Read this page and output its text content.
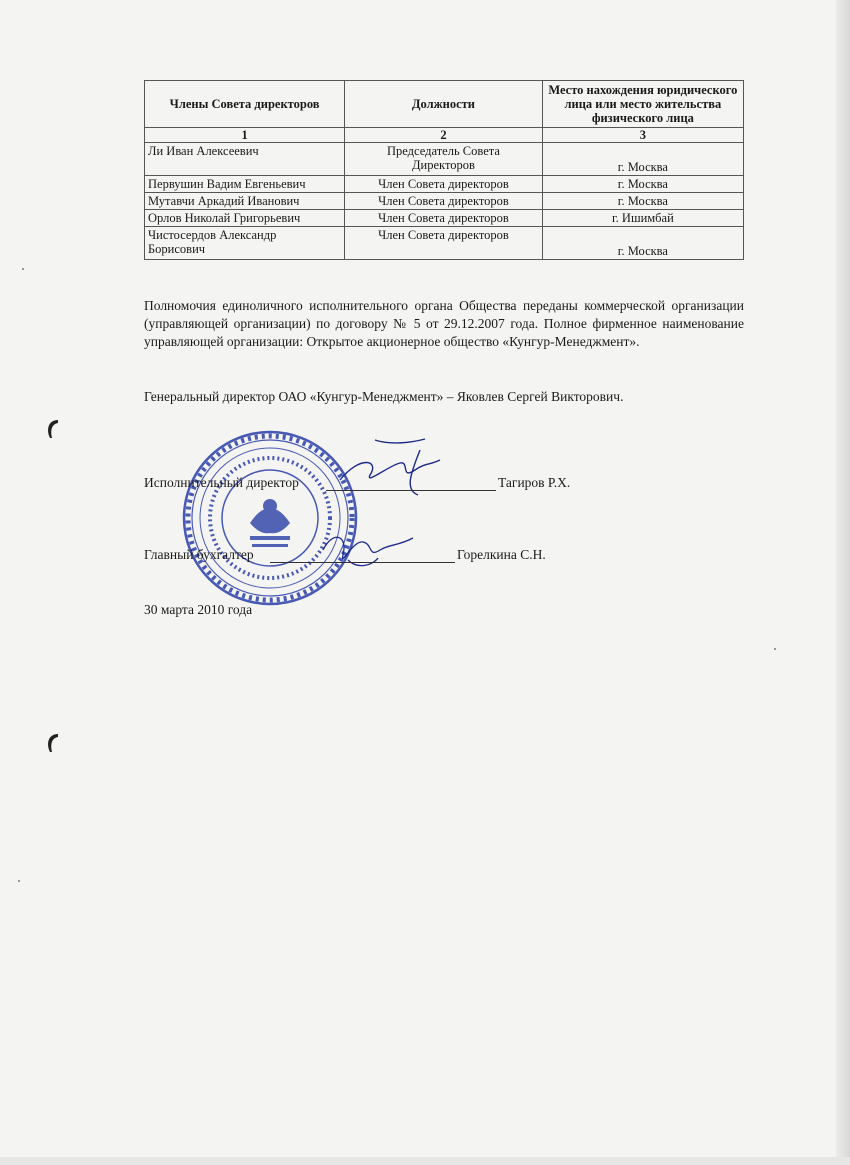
Члены Совета директоров	Должности	Место нахождения юридического лица или место жительства физического лица
1	2	3
Ли Иван Алексеевич	Председатель Совета Директоров	г. Москва
Первушин Вадим Евгеньевич	Член Совета директоров	г. Москва
Мутавчи Аркадий Иванович	Член Совета директоров	г. Москва
Орлов Николай Григорьевич	Член Совета директоров	г. Ишимбай
Чистосердов Александр Борисович	Член Совета директоров	г. Москва

Полномочия единоличного исполнительного органа Общества переданы коммерческой организации (управляющей организации) по договору № 5 от 29.12.2007 года. Полное фирменное наименование управляющей организации: Открытое акционерное общество «Кунгур-Менеджмент».

Генеральный директор ОАО «Кунгур-Менеджмент» – Яковлев Сергей Викторович.

Исполнительный директор	Тагиров Р.Х.
Главный бухгалтер	Горелкина С.Н.
30 марта 2010 года
